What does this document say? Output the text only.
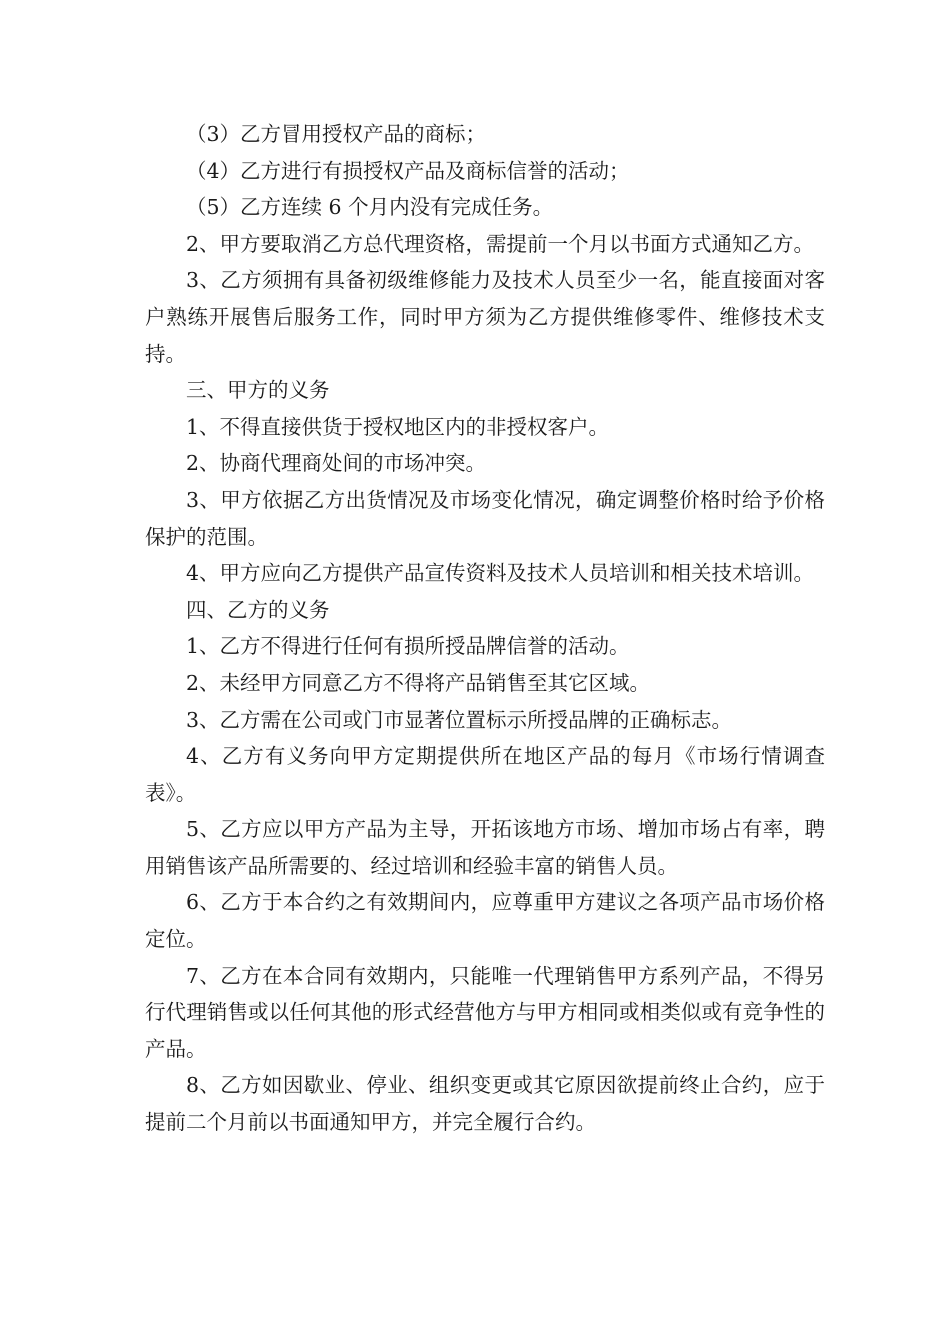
（3）乙方冒用授权产品的商标；

（4）乙方进行有损授权产品及商标信誉的活动；

（5）乙方连续 6 个月内没有完成任务。

2、甲方要取消乙方总代理资格，需提前一个月以书面方式通知乙方。

3、乙方须拥有具备初级维修能力及技术人员至少一名，能直接面对客户熟练开展售后服务工作，同时甲方须为乙方提供维修零件、维修技术支持。

三、甲方的义务

1、不得直接供货于授权地区内的非授权客户。

2、协商代理商处间的市场冲突。

3、甲方依据乙方出货情况及市场变化情况，确定调整价格时给予价格保护的范围。

4、甲方应向乙方提供产品宣传资料及技术人员培训和相关技术培训。

四、乙方的义务

1、乙方不得进行任何有损所授品牌信誉的活动。

2、未经甲方同意乙方不得将产品销售至其它区域。

3、乙方需在公司或门市显著位置标示所授品牌的正确标志。

4、乙方有义务向甲方定期提供所在地区产品的每月《市场行情调查表》。

5、乙方应以甲方产品为主导，开拓该地方市场、增加市场占有率，聘用销售该产品所需要的、经过培训和经验丰富的销售人员。

6、乙方于本合约之有效期间内，应尊重甲方建议之各项产品市场价格定位。

7、乙方在本合同有效期内，只能唯一代理销售甲方系列产品，不得另行代理销售或以任何其他的形式经营他方与甲方相同或相类似或有竞争性的产品。

8、乙方如因歇业、停业、组织变更或其它原因欲提前终止合约，应于提前二个月前以书面通知甲方，并完全履行合约。
